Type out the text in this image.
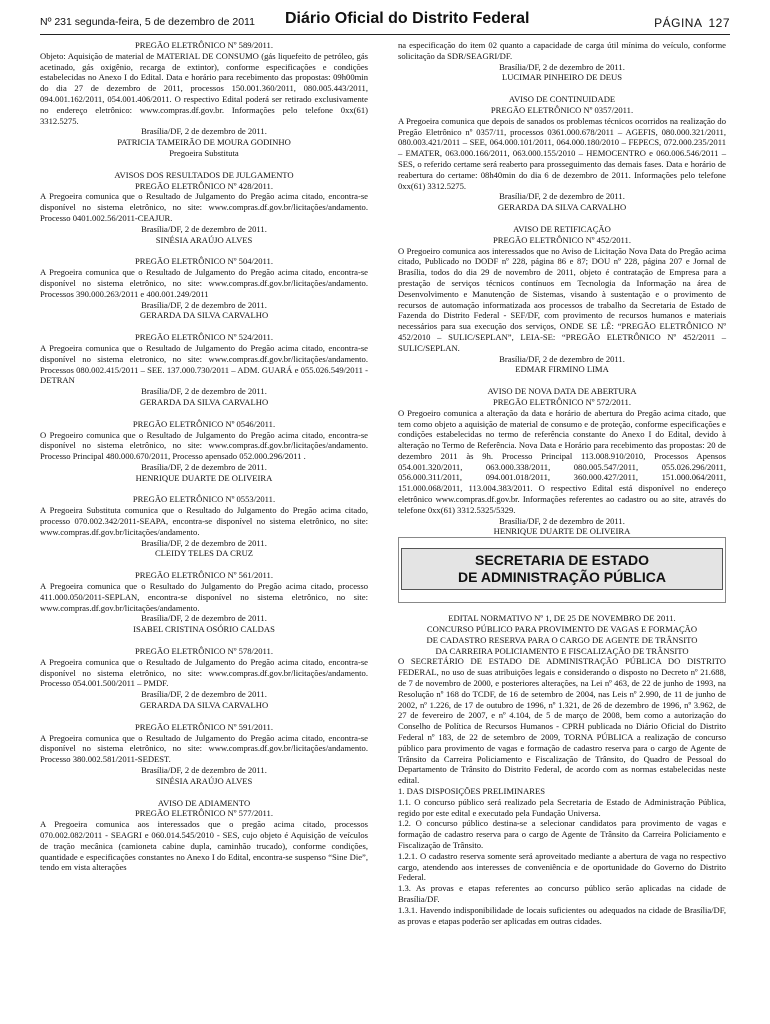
Nº 231 segunda-feira, 5 de dezembro de 2011 Diário Oficial do Distrito Federal	PÁGINA 127
PREGÃO ELETRÔNICO Nº 589/2011.
Objeto: Aquisição de material de MATERIAL DE CONSUMO (gás liquefeito de petróleo, gás acetinado, gás oxigênio, recarga de extintor), conforme especificações e condições estabelecidas no Anexo I do Edital. Data e horário para recebimento das propostas: 09h00min do dia 27 de dezembro de 2011, processos 150.001.360/2011, 080.005.443/2011, 094.001.162/2011, 054.001.406/2011. O respectivo Edital poderá ser retirado exclusivamente no endereço eletrônico: www.compras.df.gov.br. Informações pelo telefone 0xx(61) 3312.5275.
Brasília/DF, 2 de dezembro de 2011.
PATRICIA TAMEIRÃO DE MOURA GODINHO
Pregoeira Substituta
AVISOS DOS RESULTADOS DE JULGAMENTO
PREGÃO ELETRÔNICO Nº 428/2011.
A Pregoeira comunica que o Resultado de Julgamento do Pregão acima citado, encontra-se disponível no sistema eletrônico, no site: www.compras.df.gov.br/licitações/andamento. Processo 0401.002.56/2011-CEAJUR.
Brasília/DF, 2 de dezembro de 2011.
SINÉSIA ARAÚJO ALVES
PREGÃO ELETRÔNICO Nº 504/2011.
A Pregoeira comunica que o Resultado de Julgamento do Pregão acima citado, encontra-se disponível no sistema eletrônico, no site: www.compras.df.gov.br/licitações/andamento. Processos 390.000.263/2011 e 400.001.249/2011
Brasília/DF, 2 de dezembro de 2011.
GERARDA DA SILVA CARVALHO
PREGÃO ELETRÔNICO Nº 524/2011.
A Pregoeira comunica que o Resultado de Julgamento do Pregão acima citado, encontra-se disponível no sistema eletronico, no site: www.compras.df.gov.br/licitações/andamento. Processos 080.002.415/2011 – SEE. 137.000.730/2011 – ADM. GUARÁ e 055.026.549/2011 - DETRAN
Brasília/DF, 2 de dezembro de 2011.
GERARDA DA SILVA CARVALHO
PREGÃO ELETRÔNICO Nº 0546/2011.
O Pregoeiro comunica que o Resultado de Julgamento do Pregão acima citado, encontra-se disponível no sistema eletrônico, no site: www.compras.df.gov.br/licitações/andamento. Processo Principal 480.000.670/2011, Processo apensado 052.000.296/2011 .
Brasília/DF, 2 de dezembro de 2011.
HENRIQUE DUARTE DE OLIVEIRA
PREGÃO ELETRÔNICO Nº 0553/2011.
A Pregoeira Substituta comunica que o Resultado do Julgamento do Pregão acima citado, processo 070.002.342/2011-SEAPA, encontra-se disponível no sistema eletrônico, no site: www.compras.df.gov.br/licitações/andamento.
Brasília/DF, 2 de dezembro de 2011.
CLEIDY TELES DA CRUZ
PREGÃO ELETRÔNICO Nº 561/2011.
A Pregoeira comunica que o Resultado do Julgamento do Pregão acima citado, processo 411.000.050/2011-SEPLAN, encontra-se disponível no sistema eletrônico, no site: www.compras.df.gov.br/licitações/andamento.
Brasília/DF, 2 de dezembro de 2011.
ISABEL CRISTINA OSÓRIO CALDAS
PREGÃO ELETRÔNICO Nº 578/2011.
A Pregoeira comunica que o Resultado de Julgamento do Pregão acima citado, encontra-se disponível no sistema eletrônico, no site: www.compras.df.gov.br/licitações/andamento. Processo 054.001.500/2011 – PMDF.
Brasília/DF, 2 de dezembro de 2011.
GERARDA DA SILVA CARVALHO
PREGÃO ELETRÔNICO Nº 591/2011.
A Pregoeira comunica que o Resultado de Julgamento do Pregão acima citado, encontra-se disponível no sistema eletrônico, no site: www.compras.df.gov.br/licitações/andamento. Processo 380.002.581/2011-SEDEST.
Brasília/DF, 2 de dezembro de 2011.
SINÉSIA ARAÚJO ALVES
AVISO DE ADIAMENTO
PREGÃO ELETRÔNICO Nº 577/2011.
A Pregoeira comunica aos interessados que o pregão acima citado, processos 070.002.082/2011 - SEAGRI e 060.014.545/2010 - SES, cujo objeto é Aquisição de veículos de tração mecânica (camioneta cabine dupla, caminhão trucado), conforme condições, quantidade e especificações constantes no Anexo I do Edital, encontra-se suspenso “Sine Die”, tendo em vista alterações
na especificação do item 02 quanto a capacidade de carga útil mínima do veículo, conforme solicitação da SDR/SEAGRI/DF.
Brasília/DF, 2 de dezembro de 2011.
LUCIMAR PINHEIRO DE DEUS
AVISO DE CONTINUIDADE
PREGÃO ELETRÔNICO Nº 0357/2011.
A Pregoeira comunica que depois de sanados os problemas técnicos ocorridos na realização do Pregão Eletrônico nº 0357/11, processos 0361.000.678/2011 – AGEFIS, 080.000.321/2011, 080.003.421/2011 – SEE, 064.000.101/2011, 064.000.180/2010 – FEPECS, 072.000.235/2011 – EMATER, 063.000.166/2011, 063.000.155/2010 – HEMOCENTRO e 060.006.546/2011 – SES, o referido certame será reaberto para prosseguimento das demais fases. Data e horário de reabertura do certame: 08h40min do dia 6 de dezembro de 2011. Informações pelo telefone 0xx(61) 3312.5275.
Brasília/DF, 2 de dezembro de 2011.
GERARDA DA SILVA CARVALHO
AVISO DE RETIFICAÇÃO
PREGÃO ELETRÔNICO Nº 452/2011.
O Pregoeiro comunica aos interessados que no Aviso de Licitação Nova Data do Pregão acima citado, Publicado no DODF nº 228, página 86 e 87; DOU nº 228, página 207 e Jornal de Brasília, todos do dia 29 de novembro de 2011, objeto é contratação de Empresa para a prestação de serviços técnicos contínuos em Tecnologia da Informação na área de Desenvolvimento e Manutenção de Sistemas, visando à sustentação e o provimento de recursos de automação informatizada aos processos de trabalho da Secretaria de Estado de Fazenda do Distrito Federal - SEF/DF, com provimento de recursos humanos e materiais necessários para sua execução dos serviços, ONDE SE LÊ: “PREGÃO ELETRÔNICO Nº 452/2010 – SULIC/SEPLAN”, LEIA-SE: “PREGÃO ELETRÔNICO Nº 452/2011 – SULIC/SEPLAN.
Brasília/DF, 2 de dezembro de 2011.
EDMAR FIRMINO LIMA
AVISO DE NOVA DATA DE ABERTURA
PREGÃO ELETRÔNICO Nº 572/2011.
O Pregoeiro comunica a alteração da data e horário de abertura do Pregão acima citado, que tem como objeto a aquisição de material de consumo e de proteção, conforme especificações e condições estabelecidas no termo de referência constante do Anexo I do Edital, devido à alteração no Termo de Referência. Nova Data e Horário para recebimento das propostas: 20 de dezembro 2011 às 9h. Processo Principal 113.008.910/2010, Processos Apensos 054.001.320/2011, 063.000.338/2011, 080.005.547/2011, 055.026.296/2011, 056.000.311/2011, 094.001.018/2011, 360.000.427/2011, 151.000.064/2011, 151.000.068/2011, 113.004.383/2011. O respectivo Edital está disponível no endereço eletrônico www.compras.df.gov.br. Informações referentes ao cadastro ou ao site, através do telefone 0xx(61) 3312.5325/5329.
Brasília/DF, 2 de dezembro de 2011.
HENRIQUE DUARTE DE OLIVEIRA
SECRETARIA DE ESTADO
DE ADMINISTRAÇÃO PÚBLICA
EDITAL NORMATIVO Nº 1, DE 25 DE NOVEMBRO DE 2011.
CONCURSO PÚBLICO PARA PROVIMENTO DE VAGAS E FORMAÇÃO
DE CADASTRO RESERVA PARA O CARGO DE AGENTE DE TRÂNSITO
DA CARREIRA POLICIAMENTO E FISCALIZAÇÃO DE TRÂNSITO
O SECRETÁRIO DE ESTADO DE ADMINISTRAÇÃO PÚBLICA DO DISTRITO FEDERAL, no uso de suas atribuições legais e considerando o disposto no Decreto nº 21.688, de 7 de novembro de 2000, e posteriores alterações, na Lei nº 463, de 22 de junho de 1993, na Resolução nº 168 do TCDF, de 16 de setembro de 2004, nas Leis nº 2.990, de 11 de junho de 2002, nº 1.226, de 17 de outubro de 1996, nº 1.321, de 26 de dezembro de 1996, nº 3.962, de 27 de fevereiro de 2007, e nº 4.104, de 5 de março de 2008, bem como a autorização do Conselho de Política de Recursos Humanos - CPRH publicada no Diário Oficial do Distrito Federal nº 183, de 22 de setembro de 2009, TORNA PÚBLICA a realização de concurso público para provimento de vagas e formação de cadastro reserva para o cargo de Agente de Trânsito da Carreira Policiamento e Fiscalização de Trânsito, do Quadro de Pessoal do Departamento de Trânsito do Distrito Federal, de acordo com as normas estabelecidas neste edital.
1. DAS DISPOSIÇÕES PRELIMINARES
1.1. O concurso público será realizado pela Secretaria de Estado de Administração Pública, regido por este edital e executado pela Fundação Universa.
1.2. O concurso público destina-se a selecionar candidatos para provimento de vagas e formação de cadastro reserva para o cargo de Agente de Trânsito da Carreira Policiamento e Fiscalização de Trânsito.
1.2.1. O cadastro reserva somente será aproveitado mediante a abertura de vaga no respectivo cargo, atendendo aos interesses de conveniência e de oportunidade do Governo do Distrito Federal.
1.3. As provas e etapas referentes ao concurso público serão aplicadas na cidade de Brasília/DF.
1.3.1. Havendo indisponibilidade de locais suficientes ou adequados na cidade de Brasília/DF, as provas e etapas poderão ser aplicadas em outras cidades.
